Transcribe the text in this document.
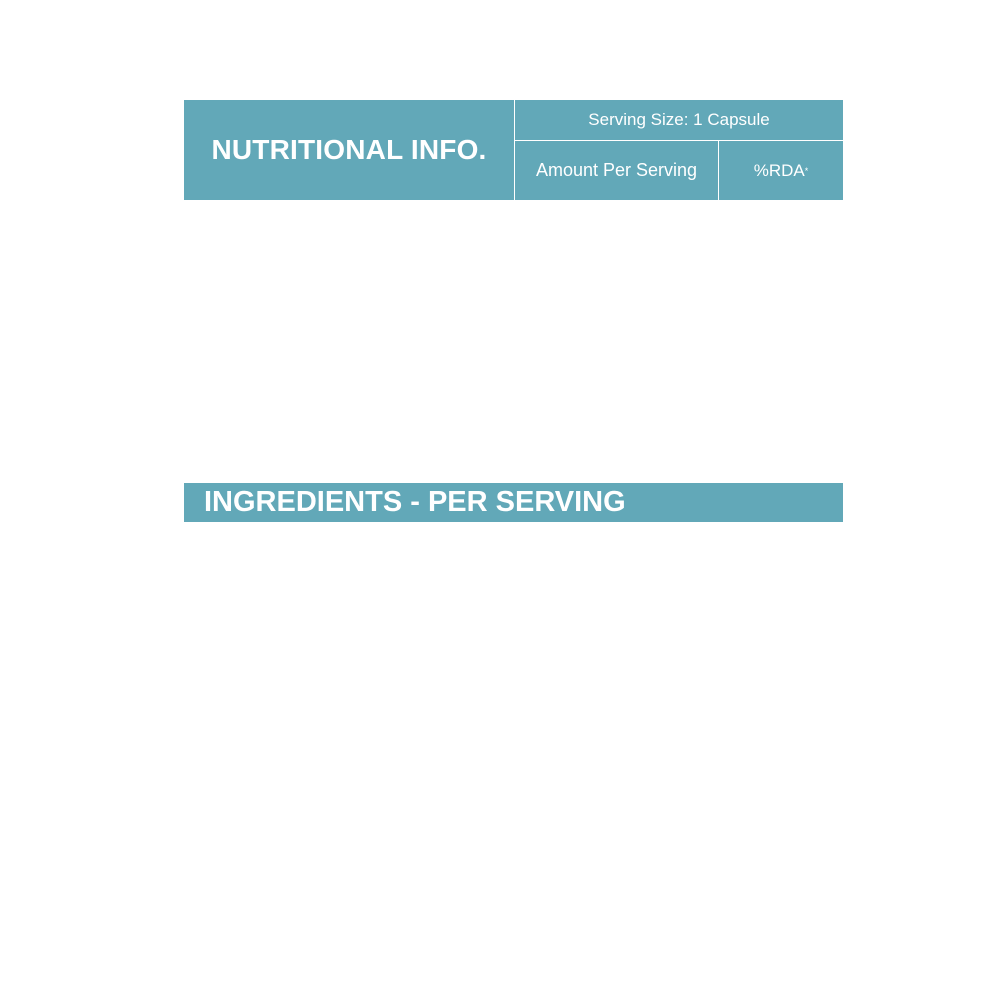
NUTRITIONAL INFO.
Serving Size: 1 Capsule
Amount Per Serving	%RDA *
INGREDIENTS - PER SERVING
